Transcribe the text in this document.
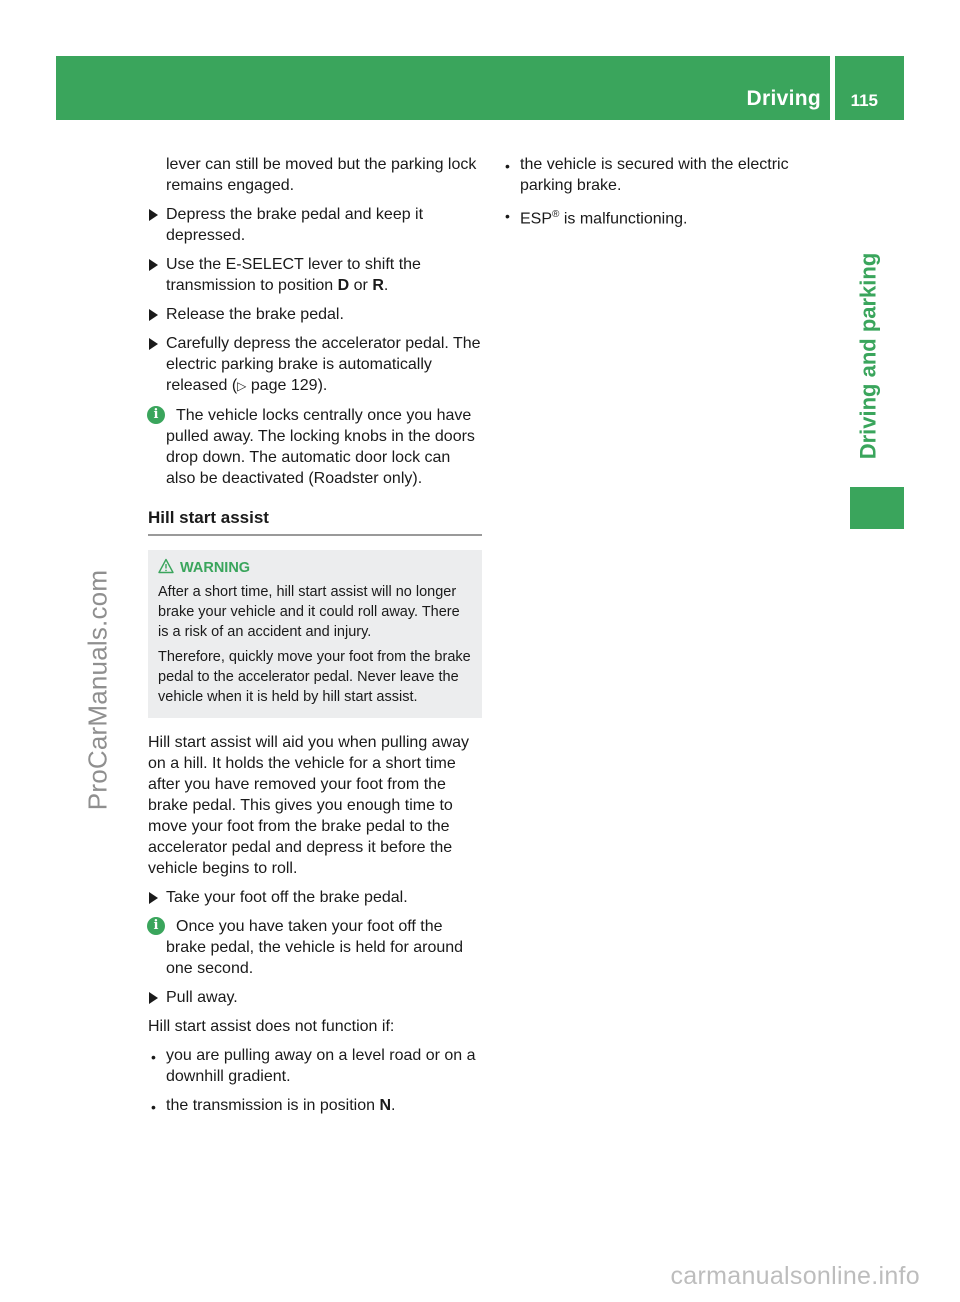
Driving 115
Driving and parking
ProCarManuals.com
lever can still be moved but the parking lock remains engaged.
Depress the brake pedal and keep it depressed.
Use the E-SELECT lever to shift the transmission to position D or R.
Release the brake pedal.
Carefully depress the accelerator pedal. The electric parking brake is automatically released (▷ page 129).
i	The vehicle locks centrally once you have pulled away. The locking knobs in the doors drop down. The automatic door lock can also be deactivated (Roadster only).
Hill start assist
WARNING

After a short time, hill start assist will no longer brake your vehicle and it could roll away. There is a risk of an accident and injury.

Therefore, quickly move your foot from the brake pedal to the accelerator pedal. Never leave the vehicle when it is held by hill start assist.

Hill start assist will aid you when pulling away on a hill. It holds the vehicle for a short time after you have removed your foot from the brake pedal. This gives you enough time to move your foot from the brake pedal to the accelerator pedal and depress it before the vehicle begins to roll.
Take your foot off the brake pedal.
i	Once you have taken your foot off the brake pedal, the vehicle is held for around one second.
Pull away.
Hill start assist does not function if:
• you are pulling away on a level road or on a downhill gradient.
• the transmission is in position N.
• the vehicle is secured with the electric parking brake.
• ESP® is malfunctioning.
carmanualsonline.info
